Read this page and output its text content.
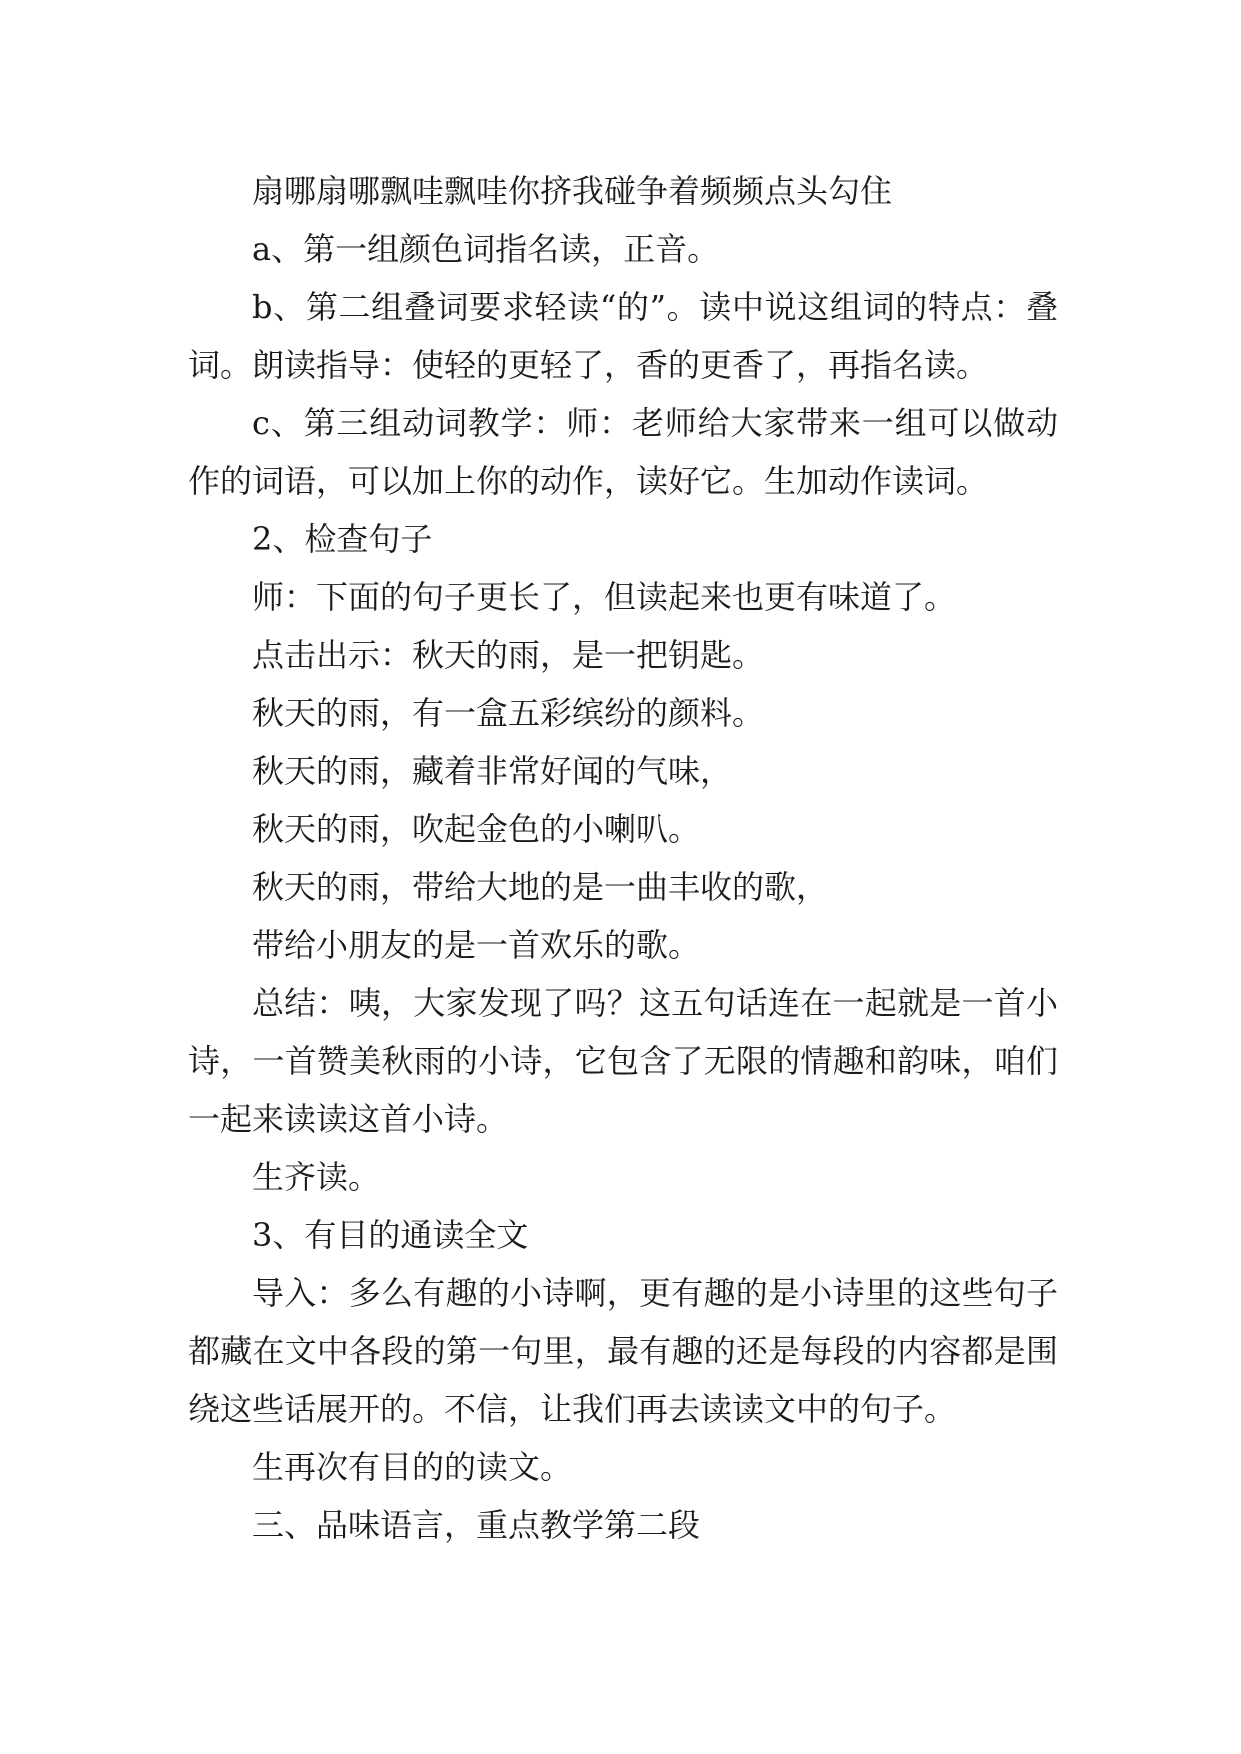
扇哪扇哪飘哇飘哇你挤我碰争着频频点头勾住

a、第一组颜色词指名读，正音。

b、第二组叠词要求轻读“的”。读中说这组词的特点：叠词。朗读指导：使轻的更轻了，香的更香了，再指名读。

c、第三组动词教学：师：老师给大家带来一组可以做动作的词语，可以加上你的动作，读好它。生加动作读词。

2、检查句子

师：下面的句子更长了，但读起来也更有味道了。

点击出示：秋天的雨，是一把钥匙。

秋天的雨，有一盒五彩缤纷的颜料。

秋天的雨，藏着非常好闻的气味，

秋天的雨，吹起金色的小喇叭。

秋天的雨，带给大地的是一曲丰收的歌，

带给小朋友的是一首欢乐的歌。

总结：咦，大家发现了吗？这五句话连在一起就是一首小诗，一首赞美秋雨的小诗，它包含了无限的情趣和韵味，咱们一起来读读这首小诗。

生齐读。

3、有目的通读全文

导入：多么有趣的小诗啊，更有趣的是小诗里的这些句子都藏在文中各段的第一句里，最有趣的还是每段的内容都是围绕这些话展开的。不信，让我们再去读读文中的句子。

生再次有目的的读文。

三、品味语言，重点教学第二段
